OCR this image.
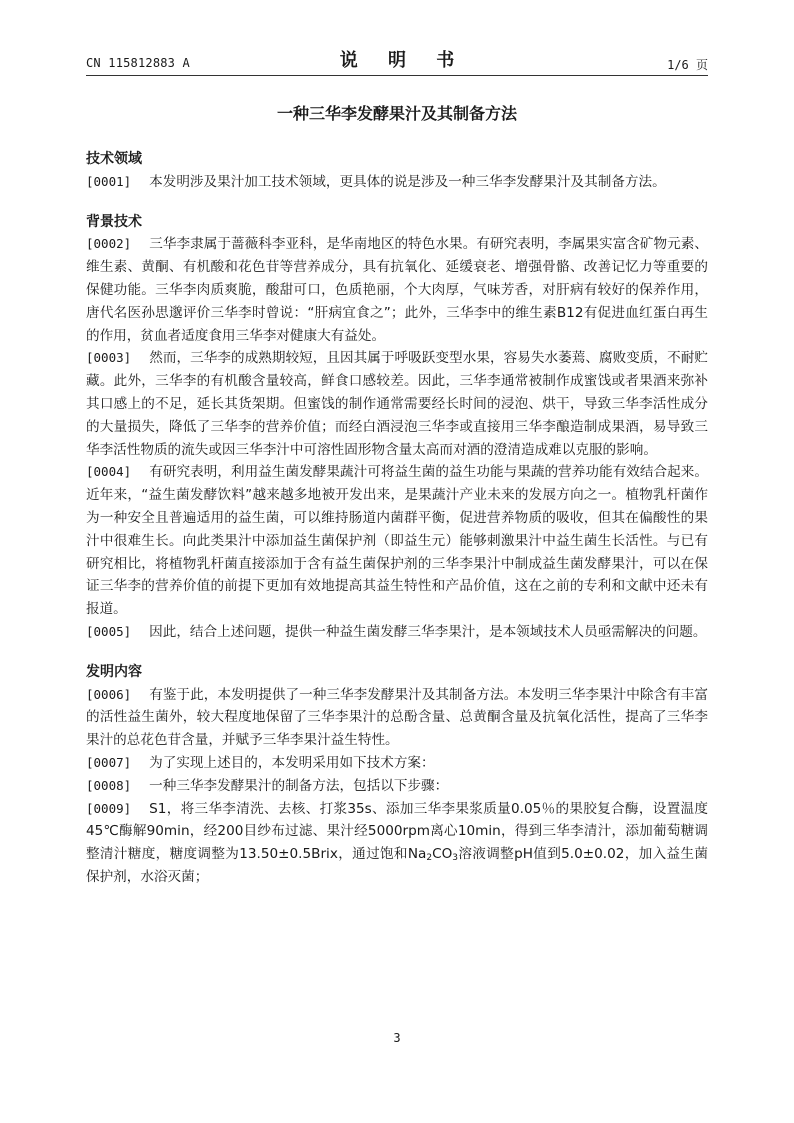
CN 115812883 A	说 明 书	1/6 页
一种三华李发酵果汁及其制备方法
技术领域

[0001] 本发明涉及果汁加工技术领域，更具体的说是涉及一种三华李发酵果汁及其制备方法。

背景技术

[0002] 三华李隶属于蔷薇科李亚科，是华南地区的特色水果。有研究表明，李属果实富含矿物元素、维生素、黄酮、有机酸和花色苷等营养成分，具有抗氧化、延缓衰老、增强骨骼、改善记忆力等重要的保健功能。三华李肉质爽脆，酸甜可口，色质艳丽，个大肉厚，气味芳香，对肝病有较好的保养作用，唐代名医孙思邈评价三华李时曾说：“肝病宜食之”；此外，三华李中的维生素B12有促进血红蛋白再生的作用，贫血者适度食用三华李对健康大有益处。

[0003] 然而，三华李的成熟期较短，且因其属于呼吸跃变型水果，容易失水萎蔫、腐败变质，不耐贮藏。此外，三华李的有机酸含量较高，鲜食口感较差。因此，三华李通常被制作成蜜饯或者果酒来弥补其口感上的不足，延长其货架期。但蜜饯的制作通常需要经长时间的浸泡、烘干，导致三华李活性成分的大量损失，降低了三华李的营养价值；而经白酒浸泡三华李或直接用三华李酿造制成果酒，易导致三华李活性物质的流失或因三华李汁中可溶性固形物含量太高而对酒的澄清造成难以克服的影响。

[0004] 有研究表明，利用益生菌发酵果蔬汁可将益生菌的益生功能与果蔬的营养功能有效结合起来。近年来，“益生菌发酵饮料”越来越多地被开发出来，是果蔬汁产业未来的发展方向之一。植物乳杆菌作为一种安全且普遍适用的益生菌，可以维持肠道内菌群平衡，促进营养物质的吸收，但其在偏酸性的果汁中很难生长。向此类果汁中添加益生菌保护剂（即益生元）能够刺激果汁中益生菌生长活性。与已有研究相比，将植物乳杆菌直接添加于含有益生菌保护剂的三华李果汁中制成益生菌发酵果汁，可以在保证三华李的营养价值的前提下更加有效地提高其益生特性和产品价值，这在之前的专利和文献中还未有报道。

[0005] 因此，结合上述问题，提供一种益生菌发酵三华李果汁，是本领域技术人员亟需解决的问题。

发明内容

[0006] 有鉴于此，本发明提供了一种三华李发酵果汁及其制备方法。本发明三华李果汁中除含有丰富的活性益生菌外，较大程度地保留了三华李果汁的总酚含量、总黄酮含量及抗氧化活性，提高了三华李果汁的总花色苷含量，并赋予三华李果汁益生特性。

[0007] 为了实现上述目的，本发明采用如下技术方案：

[0008] 一种三华李发酵果汁的制备方法，包括以下步骤：

[0009] S1，将三华李清洗、去核、打浆35s、添加三华李果浆质量0.05％的果胶复合酶，设置温度45℃酶解90min，经200目纱布过滤、果汁经5000rpm离心10min，得到三华李清汁，添加葡萄糖调整清汁糖度，糖度调整为13.50±0.5Brix，通过饱和$Na_2CO_3$溶液调整pH值到5.0±0.02，加入益生菌保护剂，水浴灭菌；

3
